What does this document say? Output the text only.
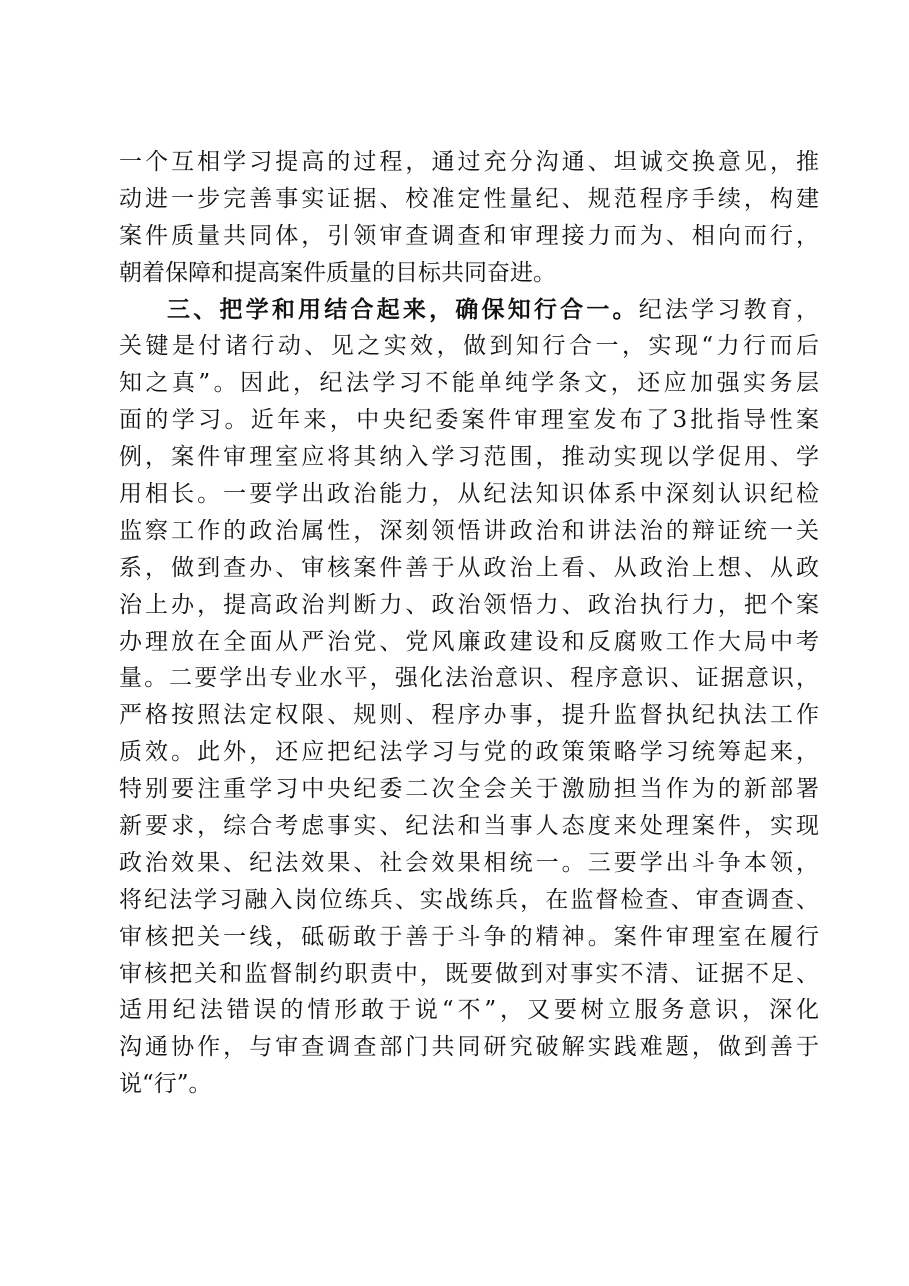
一个互相学习提高的过程，通过充分沟通、坦诚交换意见，推
动进一步完善事实证据、校准定性量纪、规范程序手续，构建
案件质量共同体，引领审查调查和审理接力而为、相向而行，
朝着保障和提高案件质量的目标共同奋进。
三、把学和用结合起来，确保知行合一。纪法学习教育，
关键是付诸行动、见之实效，做到知行合一，实现“力行而后
知之真”。因此，纪法学习不能单纯学条文，还应加强实务层
面的学习。近年来，中央纪委案件审理室发布了3批指导性案
例，案件审理室应将其纳入学习范围，推动实现以学促用、学
用相长。一要学出政治能力，从纪法知识体系中深刻认识纪检
监察工作的政治属性，深刻领悟讲政治和讲法治的辩证统一关
系，做到查办、审核案件善于从政治上看、从政治上想、从政
治上办，提高政治判断力、政治领悟力、政治执行力，把个案
办理放在全面从严治党、党风廉政建设和反腐败工作大局中考
量。二要学出专业水平，强化法治意识、程序意识、证据意识，
严格按照法定权限、规则、程序办事，提升监督执纪执法工作
质效。此外，还应把纪法学习与党的政策策略学习统筹起来，
特别要注重学习中央纪委二次全会关于激励担当作为的新部署
新要求，综合考虑事实、纪法和当事人态度来处理案件，实现
政治效果、纪法效果、社会效果相统一。三要学出斗争本领，
将纪法学习融入岗位练兵、实战练兵，在监督检查、审查调查、
审核把关一线，砥砺敢于善于斗争的精神。案件审理室在履行
审核把关和监督制约职责中，既要做到对事实不清、证据不足、
适用纪法错误的情形敢于说“不”，又要树立服务意识，深化
沟通协作，与审查调查部门共同研究破解实践难题，做到善于
说“行”。
